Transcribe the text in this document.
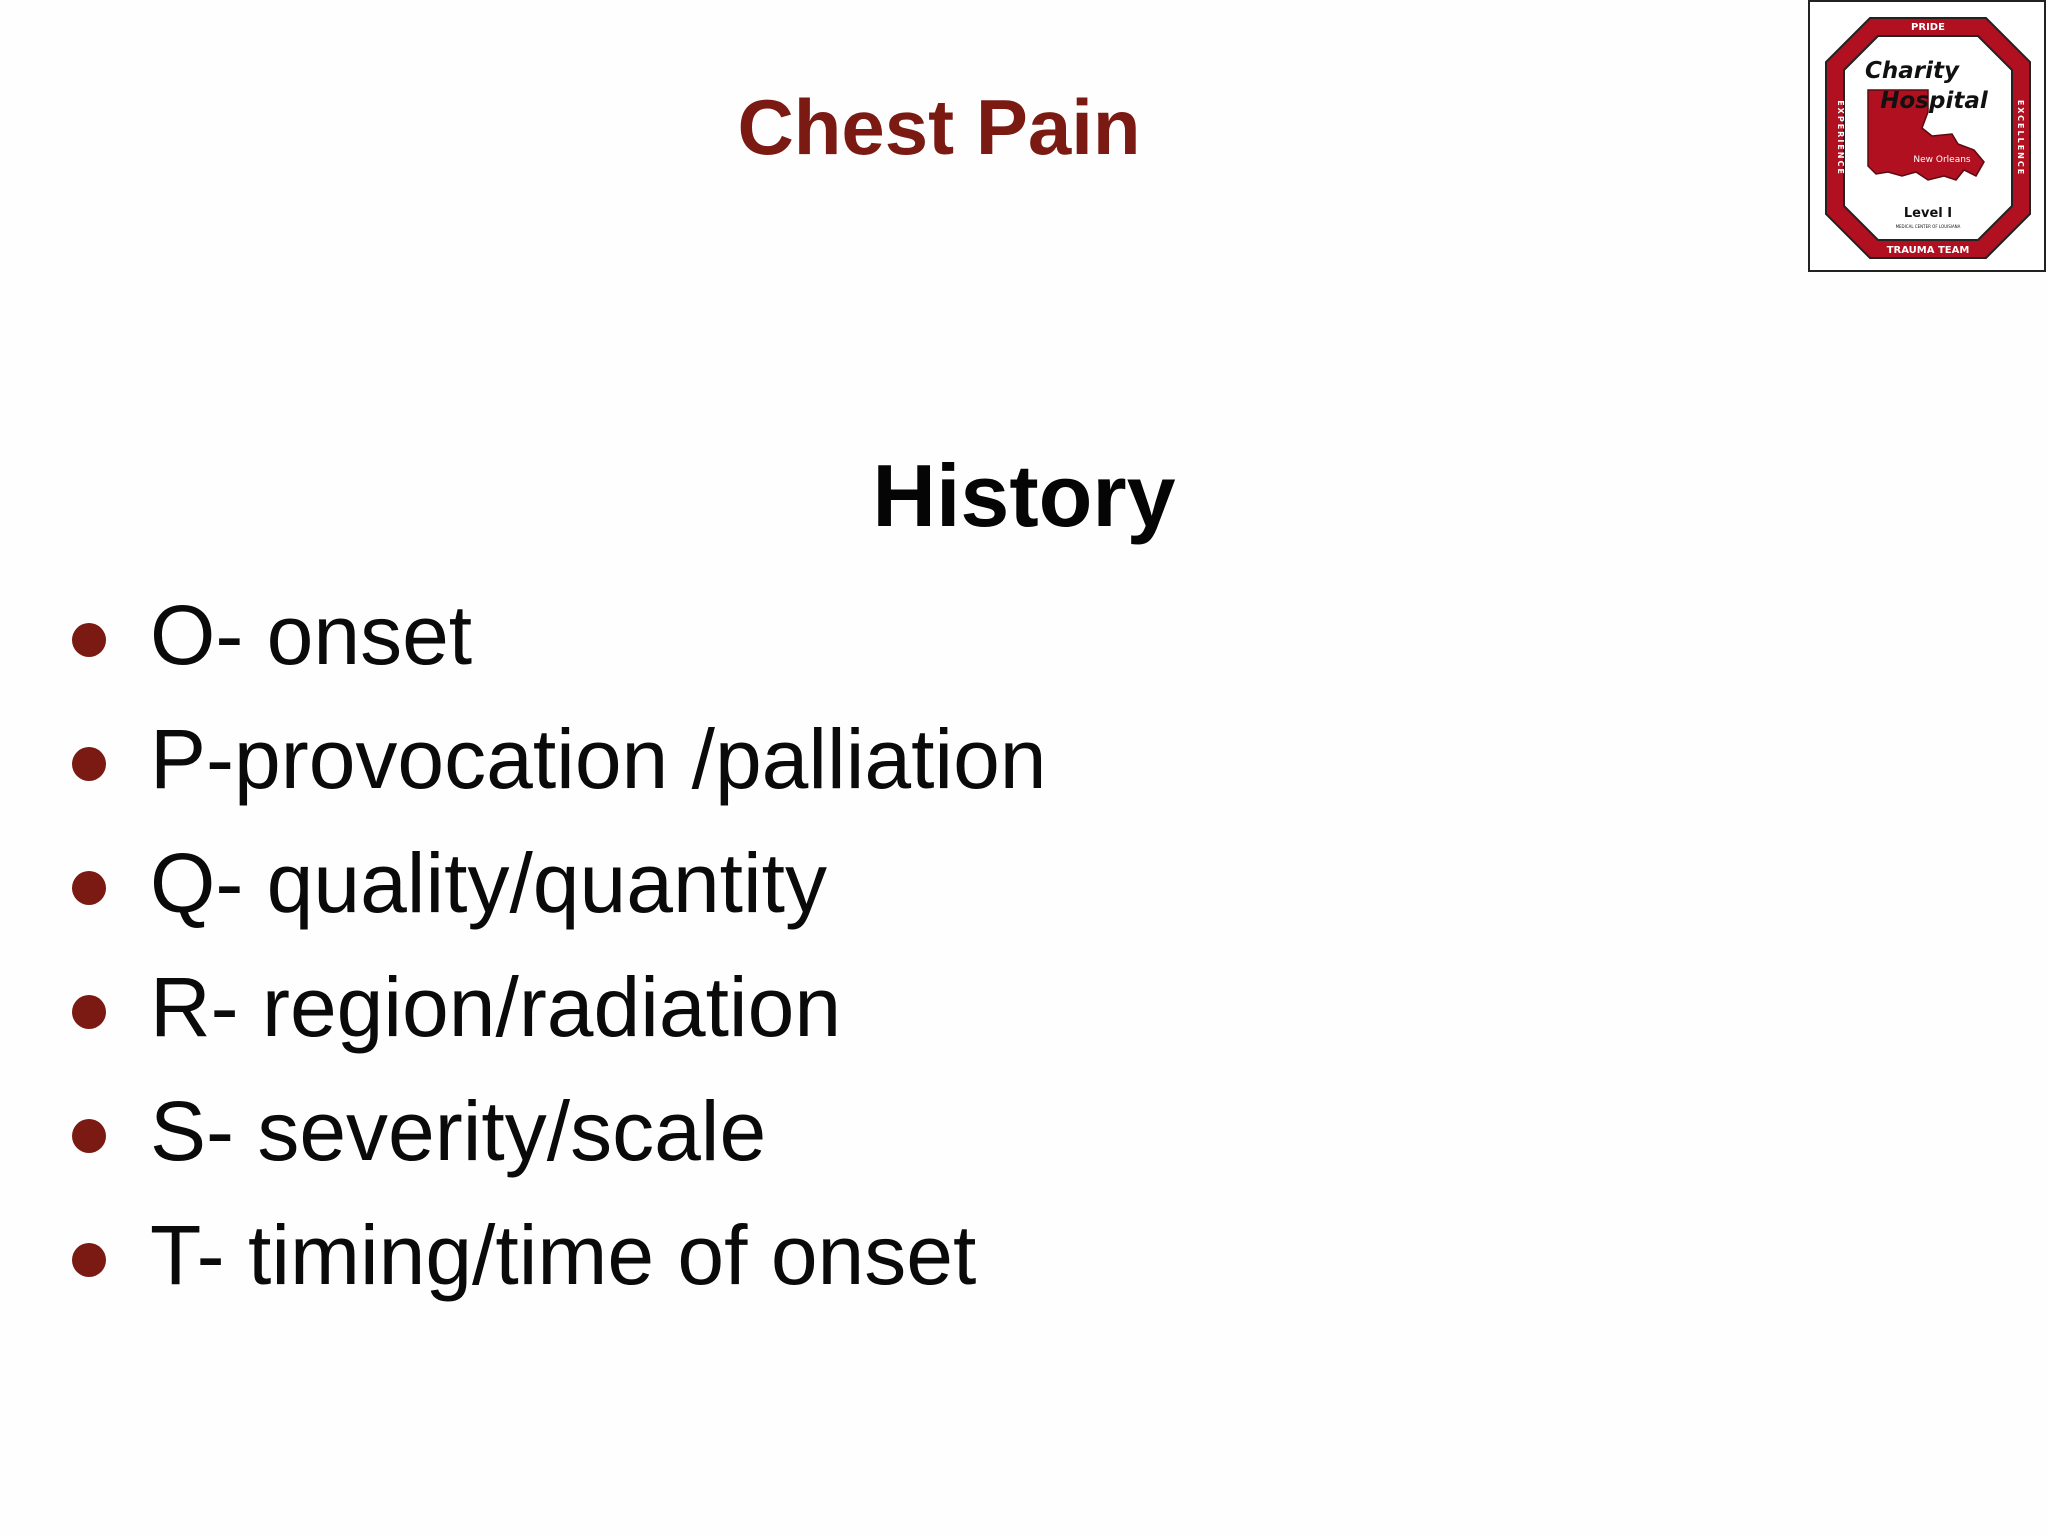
Chest Pain
PRIDE
TRAUMA TEAM
EXPERIENCE	EXCELLENCE
Charity
Hospital
New Orleans
Level I
MEDICAL CENTER OF LOUISIANA
History
O- onset
P-provocation /palliation
Q- quality/quantity
R- region/radiation
S- severity/scale
T- timing/time of onset
